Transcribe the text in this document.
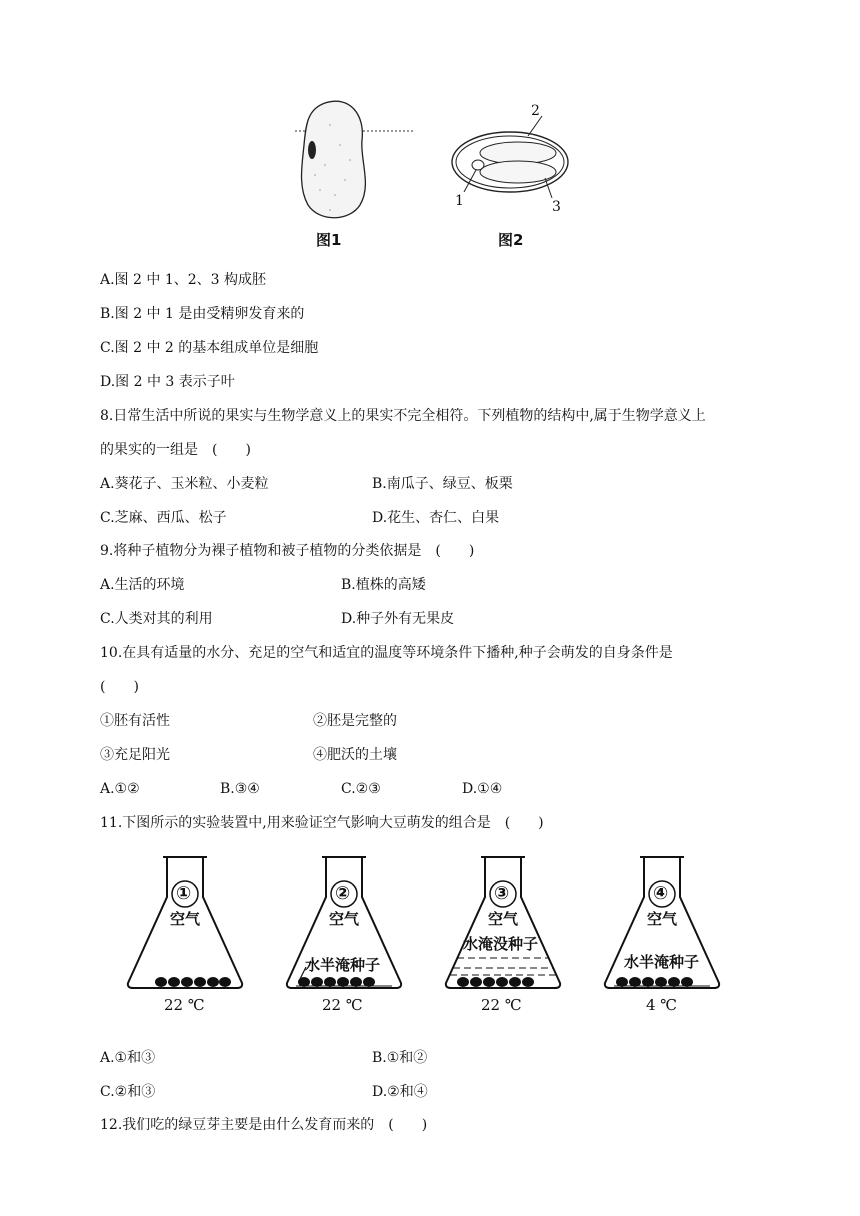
图1
2
1	3
图2
A.图 2 中 1、2、3 构成胚
B.图 2 中 1 是由受精卵发育来的
C.图 2 中 2 的基本组成单位是细胞
D.图 2 中 3 表示子叶
8.日常生活中所说的果实与生物学意义上的果实不完全相符。下列植物的结构中,属于生物学意义上
的果实的一组是　(　　)
A.葵花子、玉米粒、小麦粒	B.南瓜子、绿豆、板栗
C.芝麻、西瓜、松子	D.花生、杏仁、白果
9.将种子植物分为裸子植物和被子植物的分类依据是　(　　)
A.生活的环境	B.植株的高矮
C.人类对其的利用	D.种子外有无果皮
10.在具有适量的水分、充足的空气和适宜的温度等环境条件下播种,种子会萌发的自身条件是
(　　)
①胚有活性	②胚是完整的
③充足阳光	④肥沃的土壤
A.①②	B.③④	C.②③	D.①④
11.下图所示的实验装置中,用来验证空气影响大豆萌发的组合是　(　　)
①
空气
22 ℃
②
空气
水半淹种子
22 ℃
③
空气
水淹没种子
22 ℃
④
空气
水半淹种子
4 ℃
A.①和③	B.①和②
C.②和③	D.②和④
12.我们吃的绿豆芽主要是由什么发育而来的　(　　)
